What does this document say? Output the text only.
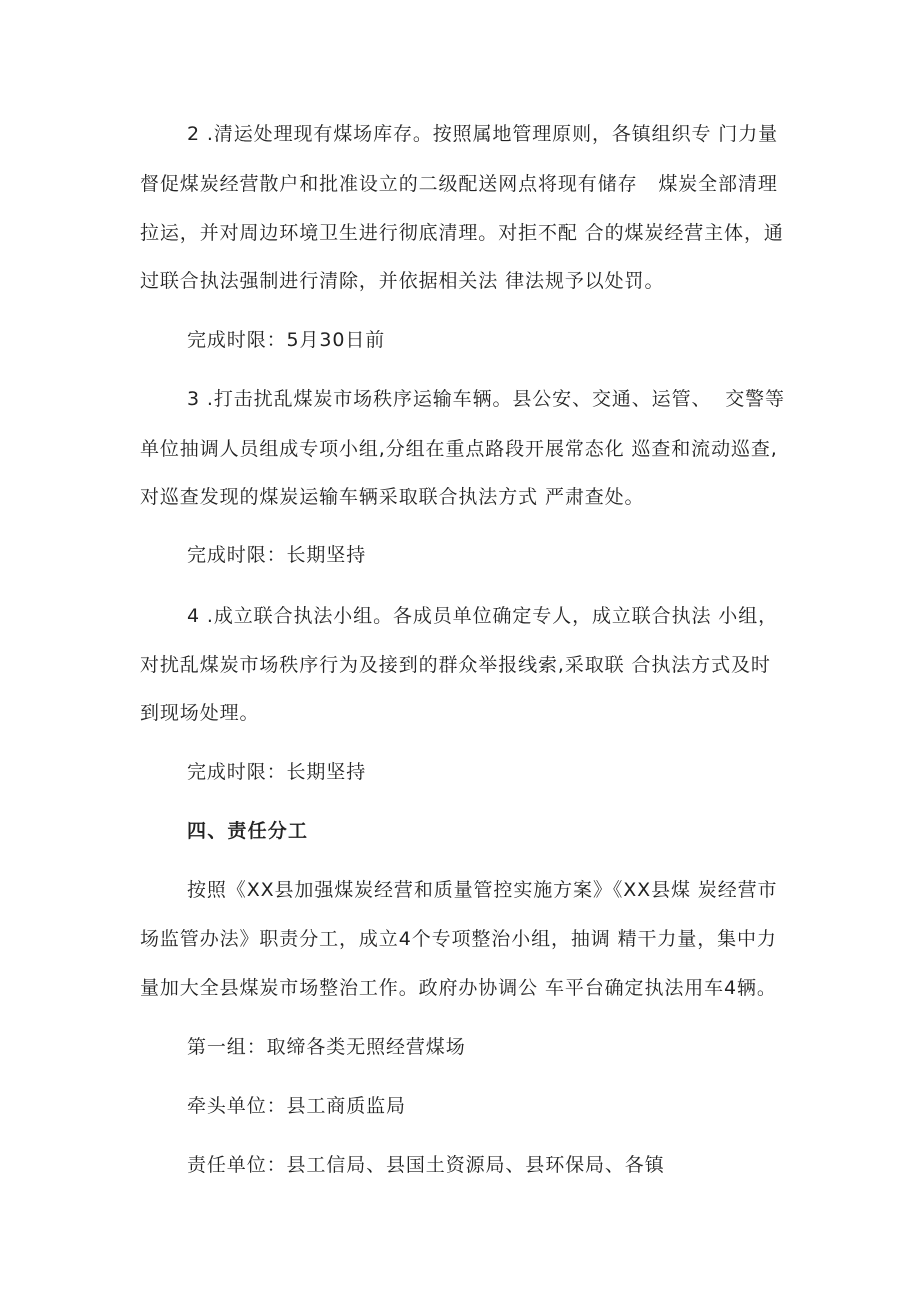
2 .清运处理现有煤场库存。按照属地管理原则，各镇组织专 门力量
督促煤炭经营散户和批准设立的二级配送网点将现有储存   煤炭全部清理
拉运，并对周边环境卫生进行彻底清理。对拒不配 合的煤炭经营主体，通
过联合执法强制进行清除，并依据相关法 律法规予以处罚。
完成时限：5月30日前
3 .打击扰乱煤炭市场秩序运输车辆。县公安、交通、运管、  交警等
单位抽调人员组成专项小组,分组在重点路段开展常态化 巡查和流动巡查,
对巡查发现的煤炭运输车辆采取联合执法方式 严肃查处。
完成时限：长期坚持
4 .成立联合执法小组。各成员单位确定专人，成立联合执法 小组，
对扰乱煤炭市场秩序行为及接到的群众举报线索,采取联 合执法方式及时
到现场处理。
完成时限：长期坚持
四、责任分工
按照《XX县加强煤炭经营和质量管控实施方案》《XX县煤 炭经营市
场监管办法》职责分工，成立4个专项整治小组，抽调 精干力量，集中力
量加大全县煤炭市场整治工作。政府办协调公 车平台确定执法用车4辆。
第一组：取缔各类无照经营煤场
牵头单位：县工商质监局
责任单位：县工信局、县国土资源局、县环保局、各镇
